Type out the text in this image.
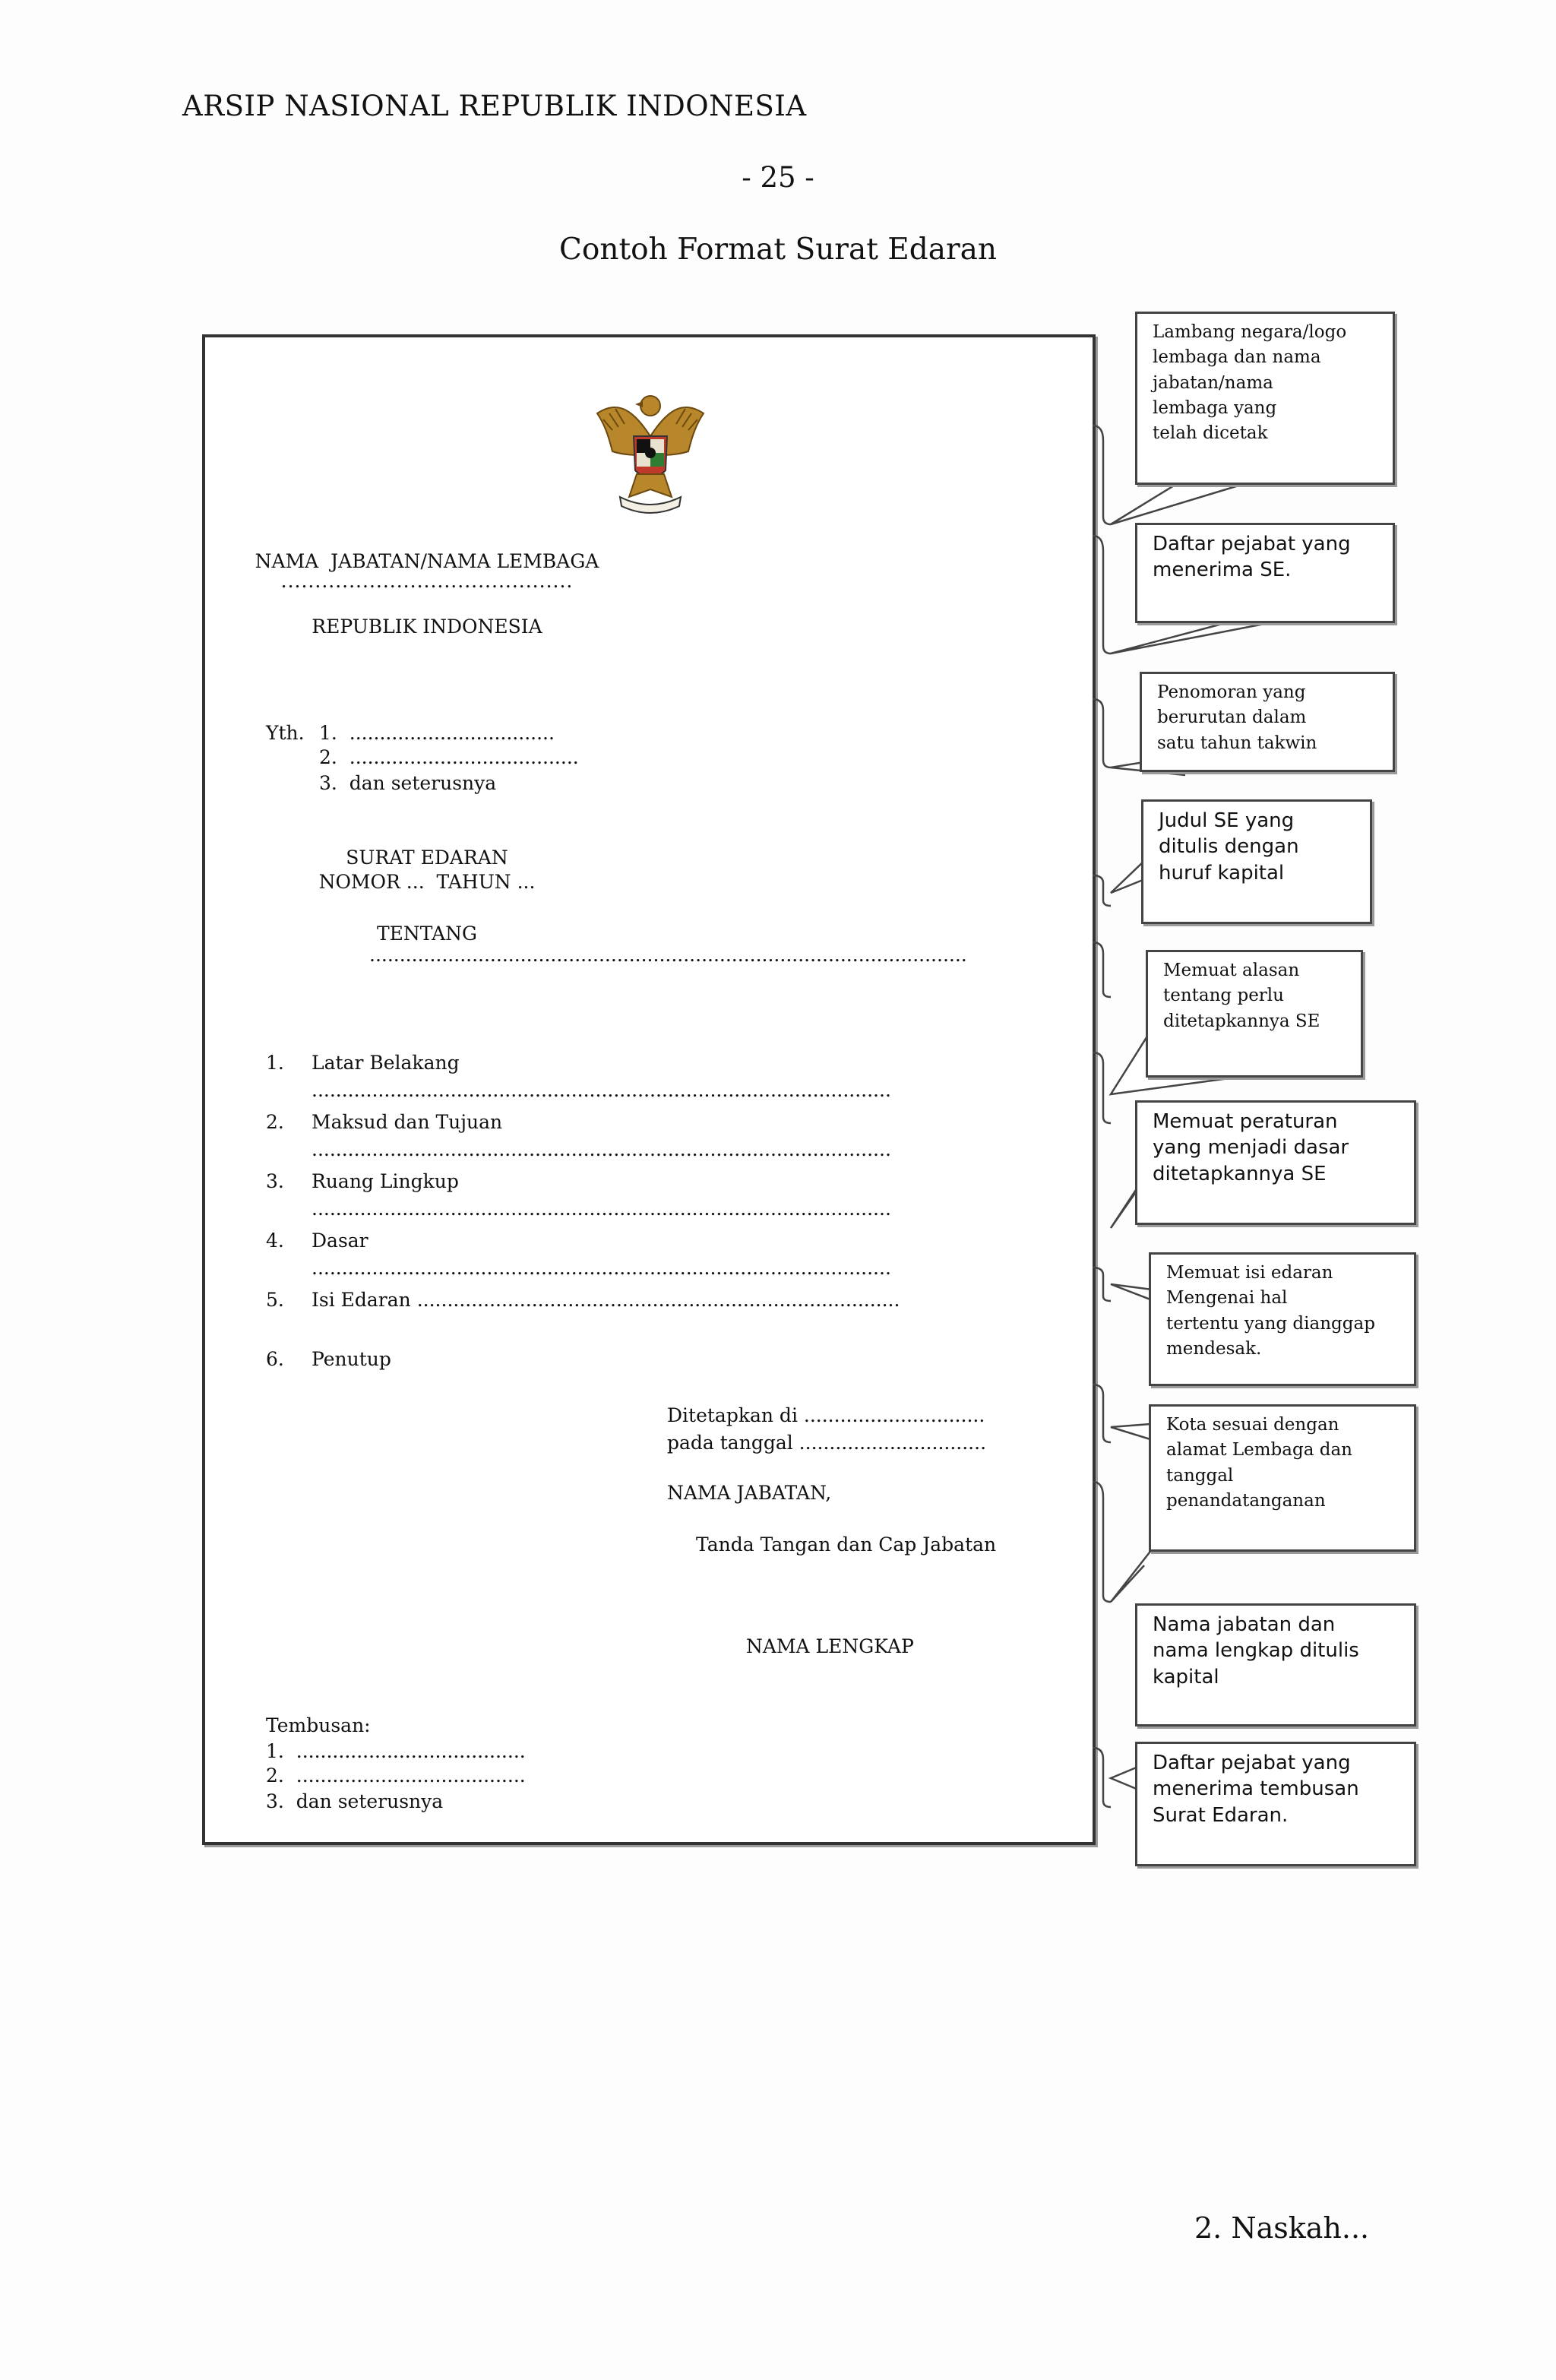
ARSIP NASIONAL REPUBLIK INDONESIA
- 25 -
Contoh Format Surat Edaran
NAMA  JABATAN/NAMA LEMBAGA
...........................................
REPUBLIK INDONESIA
Yth. 1.  ..................................
2.  ......................................
3.  dan seterusnya
SURAT EDARAN
NOMOR ...  TAHUN ...
TENTANG
...................................................................................................
1. Latar Belakang
................................................................................................
2. Maksud dan Tujuan
................................................................................................
3. Ruang Lingkup
................................................................................................
4. Dasar
................................................................................................
5. Isi Edaran ................................................................................
6. Penutup
Ditetapkan di ..............................
pada tanggal ...............................
NAMA JABATAN,
Tanda Tangan dan Cap Jabatan
NAMA LENGKAP
Tembusan:
1.  ......................................
2.  ......................................
3.  dan seterusnya
Lambang negara/logo
lembaga dan nama
jabatan/nama
lembaga yang
telah dicetak
Daftar pejabat yang
menerima SE.
Penomoran yang
berurutan dalam
satu tahun takwin
Judul SE yang
ditulis dengan
huruf kapital
Memuat alasan
tentang perlu
ditetapkannya SE
Memuat peraturan
yang menjadi dasar
ditetapkannya SE
Memuat isi edaran
Mengenai hal
tertentu yang dianggap
mendesak.
Kota sesuai dengan
alamat Lembaga dan
tanggal
penandatanganan
Nama jabatan dan
nama lengkap ditulis
kapital
Daftar pejabat yang
menerima tembusan
Surat Edaran.
2. Naskah...
